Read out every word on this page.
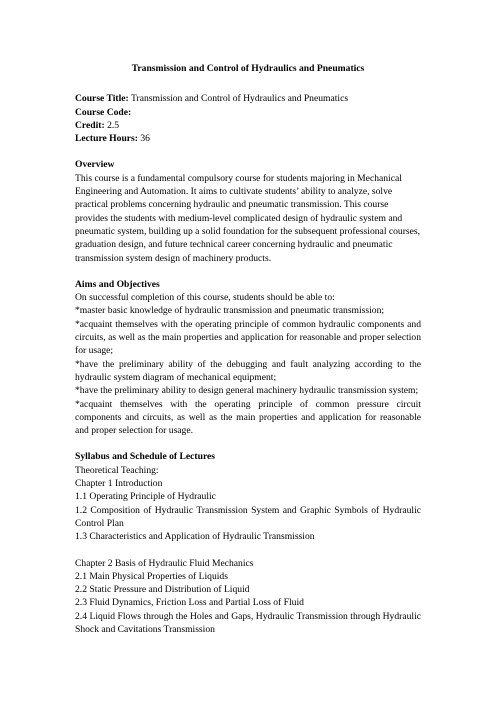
Transmission and Control of Hydraulics and Pneumatics
Course Title: Transmission and Control of Hydraulics and Pneumatics
Course Code:
Credit: 2.5
Lecture Hours: 36
Overview
This course is a fundamental compulsory course for students majoring in Mechanical Engineering and Automation. It aims to cultivate students’ ability to analyze, solve practical problems concerning hydraulic and pneumatic transmission. This course provides the students with medium-level complicated design of hydraulic system and pneumatic system, building up a solid foundation for the subsequent professional courses, graduation design, and future technical career concerning hydraulic and pneumatic transmission system design of machinery products.
Aims and Objectives
On successful completion of this course, students should be able to:
*master basic knowledge of hydraulic transmission and pneumatic transmission;
*acquaint themselves with the operating principle of common hydraulic components and circuits, as well as the main properties and application for reasonable and proper selection for usage;
*have the preliminary ability of the debugging and fault analyzing according to the hydraulic system diagram of mechanical equipment;
*have the preliminary ability to design general machinery hydraulic transmission system;
*acquaint themselves with the operating principle of common pressure circuit components and circuits, as well as the main properties and application for reasonable and proper selection for usage.
Syllabus and Schedule of Lectures
Theoretical Teaching:
Chapter 1 Introduction
1.1 Operating Principle of Hydraulic
1.2 Composition of Hydraulic Transmission System and Graphic Symbols of Hydraulic Control Plan
1.3 Characteristics and Application of Hydraulic Transmission
Chapter 2 Basis of Hydraulic Fluid Mechanics
2.1 Main Physical Properties of Liquids
2.2 Static Pressure and Distribution of Liquid
2.3 Fluid Dynamics, Friction Loss and Partial Loss of Fluid
2.4 Liquid Flows through the Holes and Gaps, Hydraulic Transmission through Hydraulic Shock and Cavitations Transmission
